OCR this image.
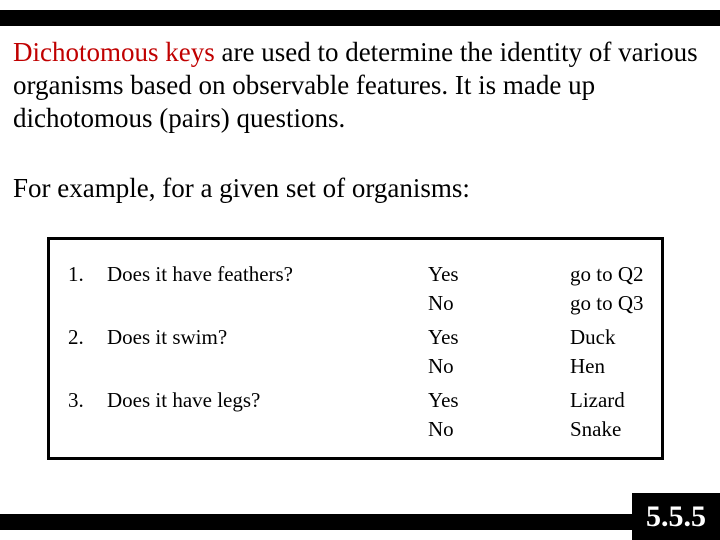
Dichotomous keys are used to determine the identity of various organisms based on observable features. It is made up dichotomous (pairs) questions.

For example, for a given set of organisms:

1. Does it have feathers?
2. Does it swim?
3. Does it have legs?
Yes
No
Yes
No
Yes
No
go to Q2
go to Q3
Duck
Hen
Lizard
Snake
5.5.5
